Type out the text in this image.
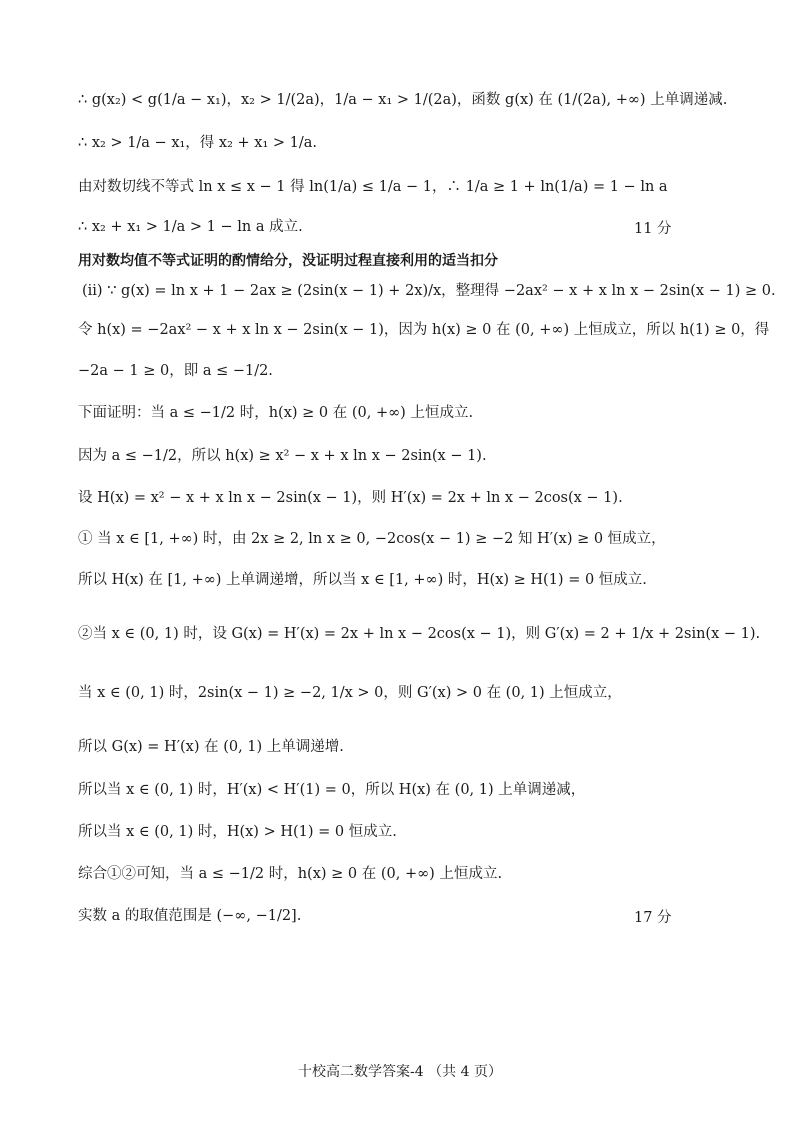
∴ g(x₂) < g(1/a − x₁)，x₂ > 1/(2a)，1/a − x₁ > 1/(2a)，函数 g(x) 在 (1/(2a), +∞) 上单调递减.
∴ x₂ > 1/a − x₁，得 x₂ + x₁ > 1/a.
由对数切线不等式 ln x ≤ x − 1 得 ln(1/a) ≤ 1/a − 1，∴ 1/a ≥ 1 + ln(1/a) = 1 − ln a
∴ x₂ + x₁ > 1/a > 1 − ln a 成立.	11 分
用对数均值不等式证明的酌情给分，没证明过程直接利用的适当扣分
(ii) ∵ g(x) = ln x + 1 − 2ax ≥ (2sin(x − 1) + 2x)/x，整理得 −2ax² − x + x ln x − 2sin(x − 1) ≥ 0.
令 h(x) = −2ax² − x + x ln x − 2sin(x − 1)，因为 h(x) ≥ 0 在 (0, +∞) 上恒成立，所以 h(1) ≥ 0，得
−2a − 1 ≥ 0，即 a ≤ −1/2.
下面证明：当 a ≤ −1/2 时，h(x) ≥ 0 在 (0, +∞) 上恒成立.
因为 a ≤ −1/2，所以 h(x) ≥ x² − x + x ln x − 2sin(x − 1).
设 H(x) = x² − x + x ln x − 2sin(x − 1)，则 H′(x) = 2x + ln x − 2cos(x − 1).
① 当 x ∈ [1, +∞) 时，由 2x ≥ 2, ln x ≥ 0, −2cos(x − 1) ≥ −2 知 H′(x) ≥ 0 恒成立，
所以 H(x) 在 [1, +∞) 上单调递增，所以当 x ∈ [1, +∞) 时，H(x) ≥ H(1) = 0 恒成立.
②当 x ∈ (0, 1) 时，设 G(x) = H′(x) = 2x + ln x − 2cos(x − 1)，则 G′(x) = 2 + 1/x + 2sin(x − 1).
当 x ∈ (0, 1) 时，2sin(x − 1) ≥ −2, 1/x > 0，则 G′(x) > 0 在 (0, 1) 上恒成立，
所以 G(x) = H′(x) 在 (0, 1) 上单调递增.
所以当 x ∈ (0, 1) 时，H′(x) < H′(1) = 0，所以 H(x) 在 (0, 1) 上单调递减，
所以当 x ∈ (0, 1) 时，H(x) > H(1) = 0 恒成立.
综合①②可知，当 a ≤ −1/2 时，h(x) ≥ 0 在 (0, +∞) 上恒成立.
实数 a 的取值范围是 (−∞, −1/2].	17 分
十校高二数学答案-4 （共 4 页）
